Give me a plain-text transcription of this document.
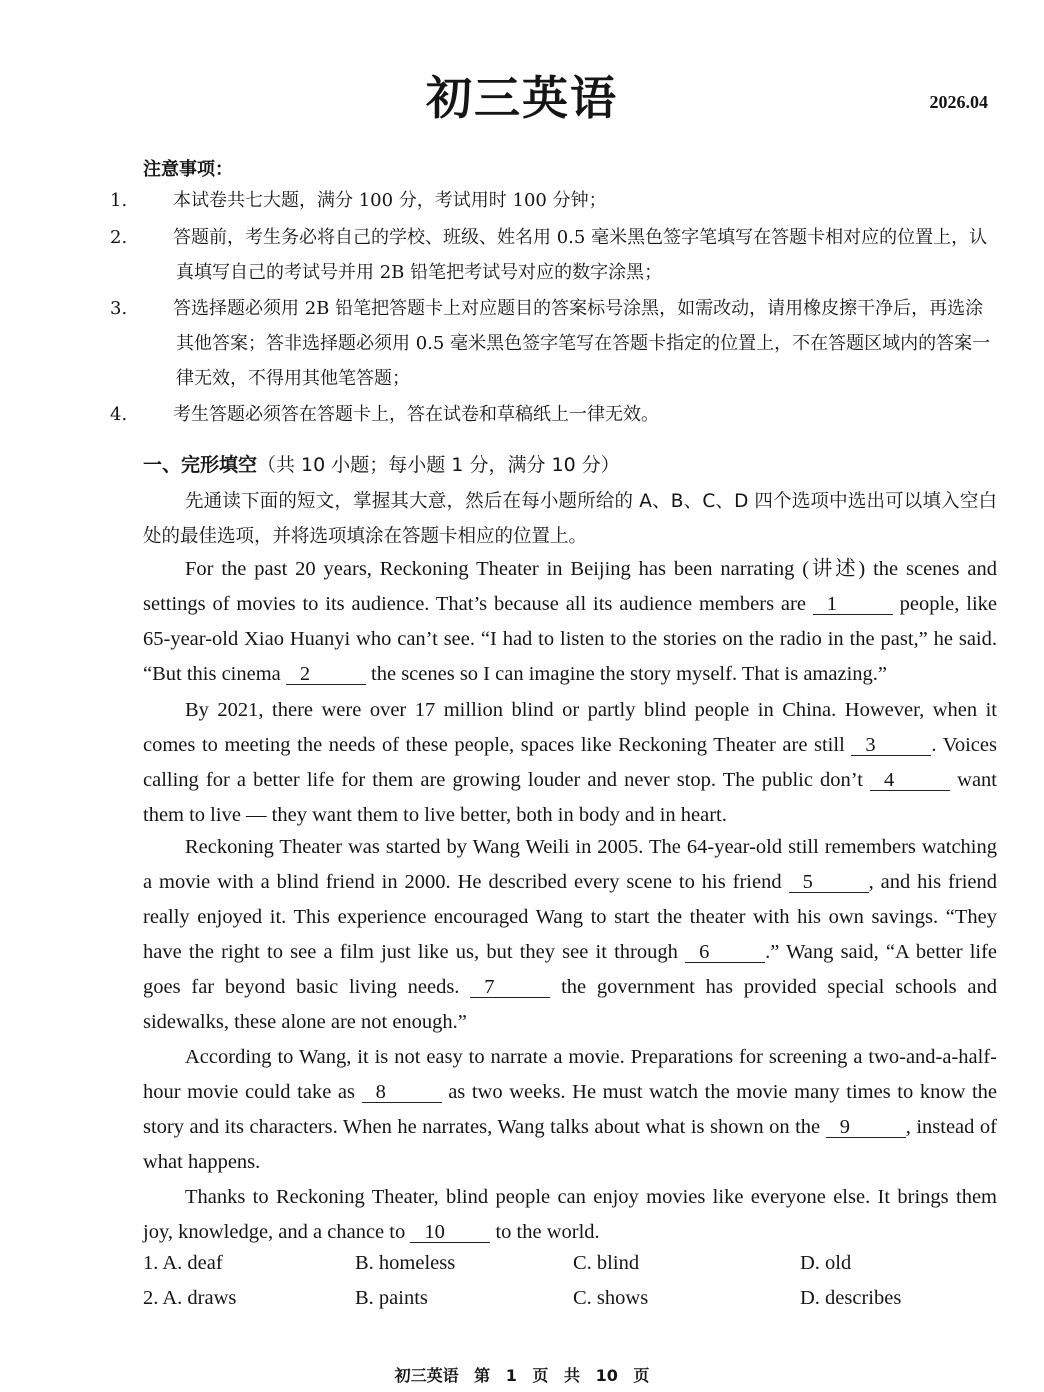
初三英语	2026.04
注意事项：
1.	本试卷共七大题，满分 100 分，考试用时 100 分钟；
2.	答题前，考生务必将自己的学校、班级、姓名用 0.5 毫米黑色签字笔填写在答题卡相对应的位置上，认真填写自己的考试号并用 2B 铅笔把考试号对应的数字涂黑；
3.	答选择题必须用 2B 铅笔把答题卡上对应题目的答案标号涂黑，如需改动，请用橡皮擦干净后，再选涂其他答案；答非选择题必须用 0.5 毫米黑色签字笔写在答题卡指定的位置上，不在答题区域内的答案一律无效，不得用其他笔答题；
4.	考生答题必须答在答题卡上，答在试卷和草稿纸上一律无效。
一、完形填空（共 10 小题；每小题 1 分，满分 10 分）
先通读下面的短文，掌握其大意，然后在每小题所给的 A、B、C、D 四个选项中选出可以填入空白处的最佳选项，并将选项填涂在答题卡相应的位置上。
For the past 20 years, Reckoning Theater in Beijing has been narrating (讲述) the scenes and settings of movies to its audience. That’s because all its audience members are 1	people, like 65-year-old Xiao Huanyi who can’t see. “I had to listen to the stories on the radio in the past,” he said. “But this cinema 2	the scenes so I can imagine the story myself. That is amazing.”
By 2021, there were over 17 million blind or partly blind people in China. However, when it comes to meeting the needs of these people, spaces like Reckoning Theater are still 3	. Voices calling for a better life for them are growing louder and never stop. The public don’t 4	want them to live — they want them to live better, both in body and in heart.
Reckoning Theater was started by Wang Weili in 2005. The 64-year-old still remembers watching a movie with a blind friend in 2000. He described every scene to his friend 5	, and his friend really enjoyed it. This experience encouraged Wang to start the theater with his own savings. “They have the right to see a film just like us, but they see it through 6	.” Wang said, “A better life goes far beyond basic living needs. 7	the government has provided special schools and sidewalks, these alone are not enough.”
According to Wang, it is not easy to narrate a movie. Preparations for screening a two-and-a-half-hour movie could take as 8	as two weeks. He must watch the movie many times to know the story and its characters. When he narrates, Wang talks about what is shown on the 9	, instead of what happens.
Thanks to Reckoning Theater, blind people can enjoy movies like everyone else. It brings them joy, knowledge, and a chance to 10 to the world.
1. A. deaf	B. homeless	C. blind	D. old
2. A. draws	B. paints	C. shows	D. describes
初三英语 第 1 页 共 10 页
